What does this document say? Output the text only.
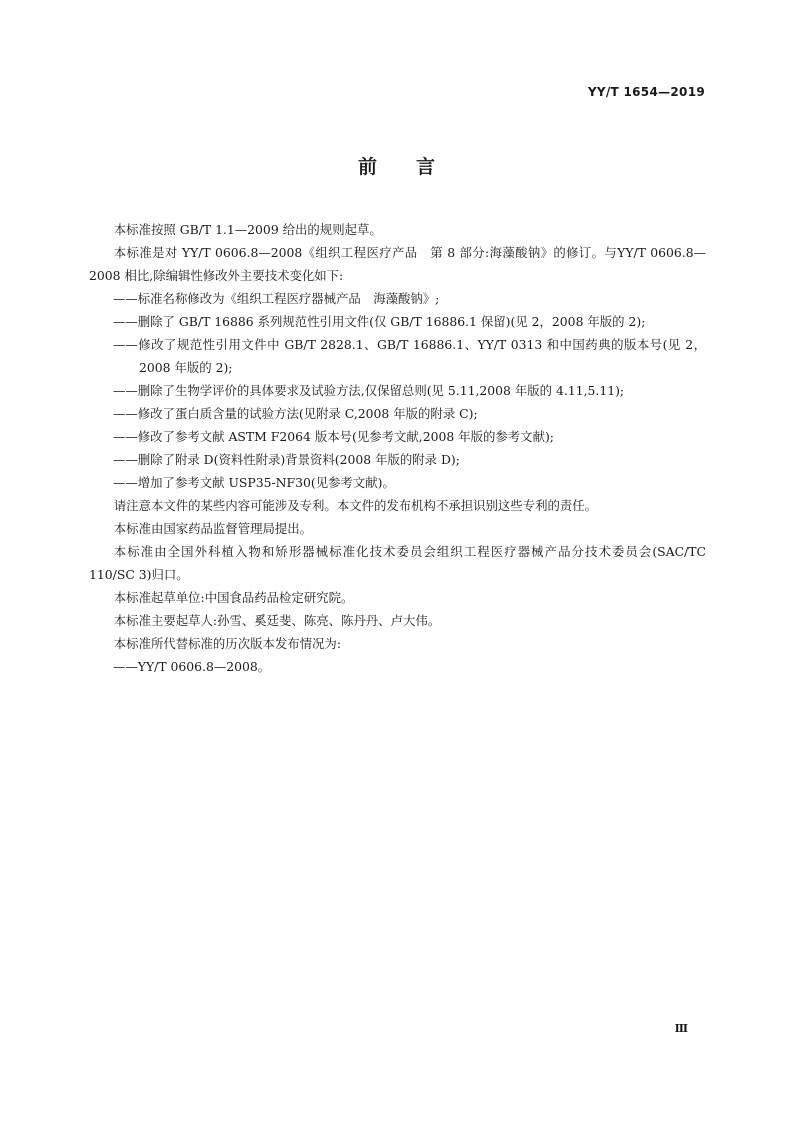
YY/T 1654—2019
前 言

本标准按照 GB/T 1.1—2009 给出的规则起草。

本标准是对 YY/T 0606.8—2008《组织工程医疗产品　第 8 部分:海藻酸钠》的修订。与YY/T 0606.8—2008 相比,除编辑性修改外主要技术变化如下:

——标准名称修改为《组织工程医疗器械产品　海藻酸钠》;
——删除了 GB/T 16886 系列规范性引用文件(仅 GB/T 16886.1 保留)(见 2，2008 年版的 2);
——修改了规范性引用文件中 GB/T 2828.1、GB/T 16886.1、YY/T 0313 和中国药典的版本号(见 2，2008 年版的 2);
——删除了生物学评价的具体要求及试验方法,仅保留总则(见 5.11,2008 年版的 4.11,5.11);
——修改了蛋白质含量的试验方法(见附录 C,2008 年版的附录 C);
——修改了参考文献 ASTM F2064 版本号(见参考文献,2008 年版的参考文献);
——删除了附录 D(资料性附录)背景资料(2008 年版的附录 D);
——增加了参考文献 USP35-NF30(见参考文献)。

请注意本文件的某些内容可能涉及专利。本文件的发布机构不承担识别这些专利的责任。

本标准由国家药品监督管理局提出。

本标准由全国外科植入物和矫形器械标准化技术委员会组织工程医疗器械产品分技术委员会(SAC/TC 110/SC 3)归口。

本标准起草单位:中国食品药品检定研究院。

本标准主要起草人:孙雪、奚廷斐、陈亮、陈丹丹、卢大伟。

本标准所代替标准的历次版本发布情况为:

——YY/T 0606.8—2008。
Ⅲ
